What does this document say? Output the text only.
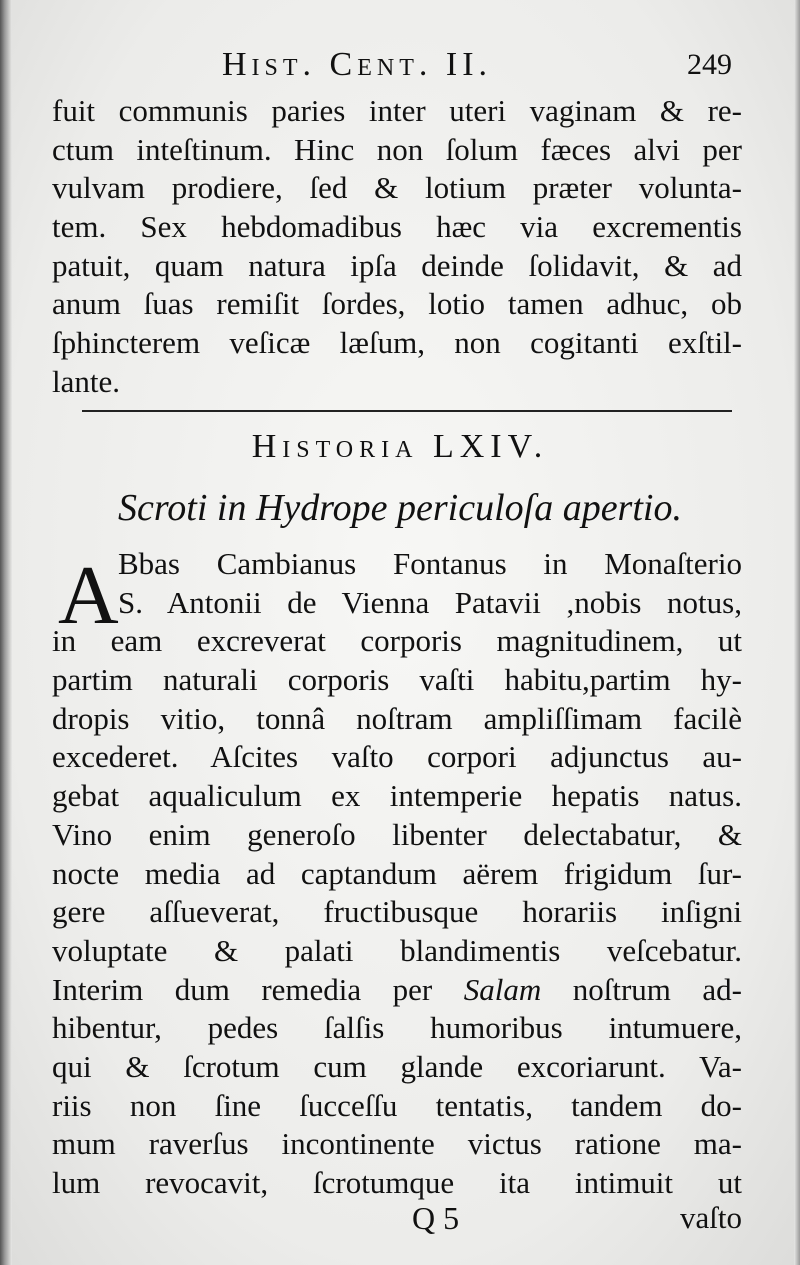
Hist. Cent. II.	249
fuit communis paries inter uteri vaginam & re-
ctum inteſtinum. Hinc non ſolum fæces alvi per
vulvam prodiere, ſed & lotium præter volunta-
tem. Sex hebdomadibus hæc via excrementis
patuit, quam natura ipſa deinde ſolidavit, & ad
anum ſuas remiſit ſordes, lotio tamen adhuc, ob
ſphincterem veſicæ læſum, non cogitanti exſtil-
lante.
Historia LXIV.
Scroti in Hydrope periculoſa apertio.
A Bbas Cambianus Fontanus in Monaſterio
S. Antonii de Vienna Patavii ,nobis notus,
in eam excreverat corporis magnitudinem, ut
partim naturali corporis vaſti habitu,partim hy-
dropis vitio, tonnâ noſtram ampliſſimam facilè
excederet. Aſcites vaſto corpori adjunctus au-
gebat aqualiculum ex intemperie hepatis natus.
Vino enim generoſo libenter delectabatur, &
nocte media ad captandum aërem frigidum ſur-
gere aſſueverat, fructibusque horariis inſigni
voluptate & palati blandimentis veſcebatur.
Interim dum remedia per Salam noſtrum ad-
hibentur, pedes ſalſis humoribus intumuere,
qui & ſcrotum cum glande excoriarunt. Va-
riis non ſine ſucceſſu tentatis, tandem do-
mum raverſus incontinente victus ratione ma-
lum revocavit, ſcrotumque ita intimuit ut
Q 5	vaſto
